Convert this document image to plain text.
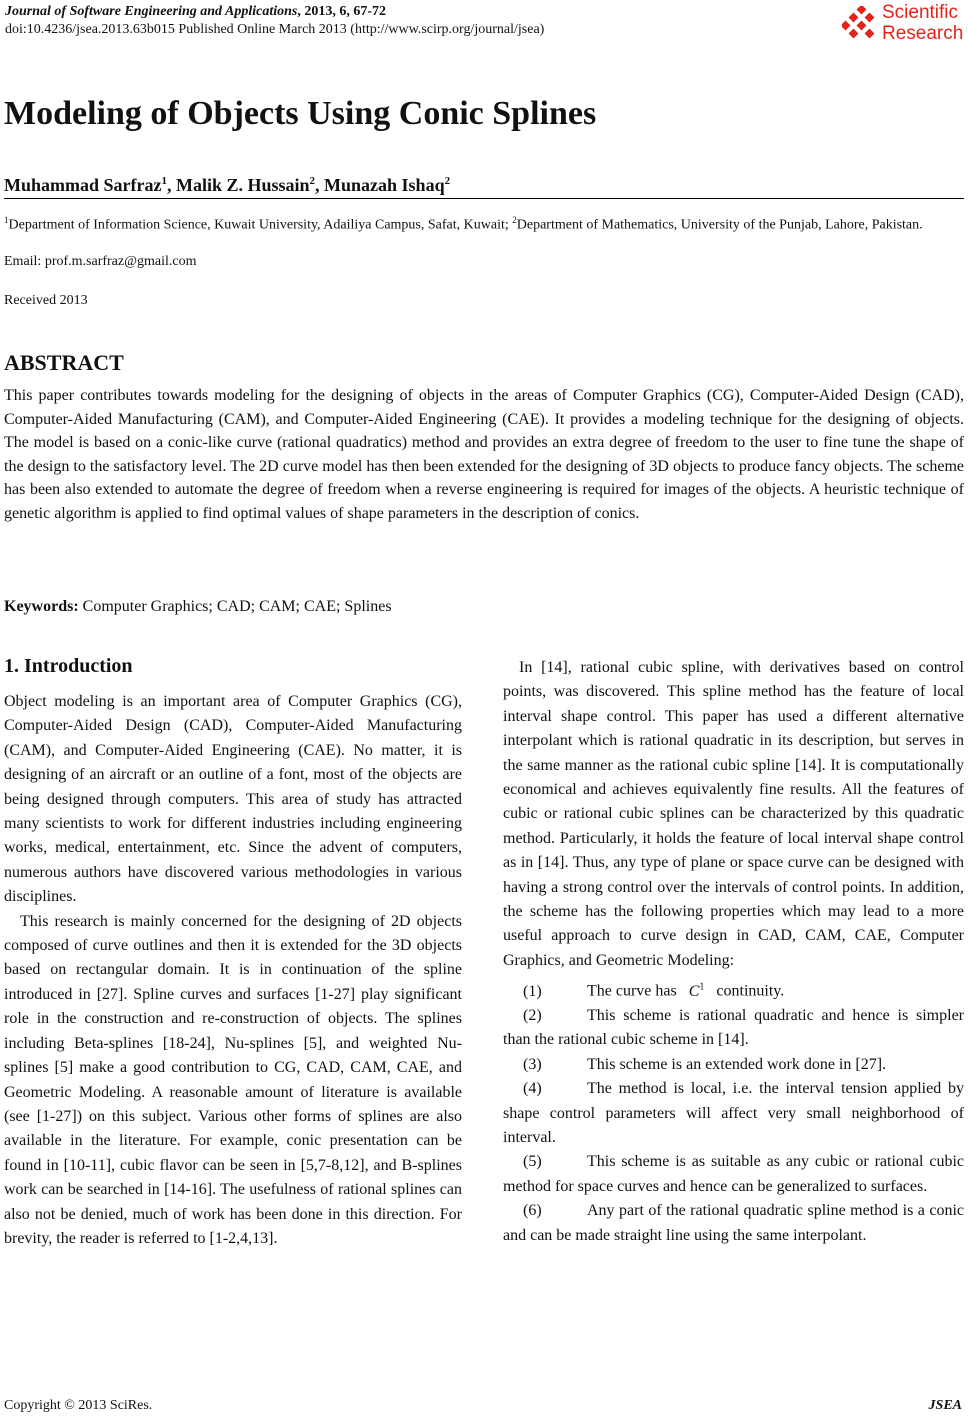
Journal of Software Engineering and Applications, 2013, 6, 67-72
doi:10.4236/jsea.2013.63b015 Published Online March 2013 (http://www.scirp.org/journal/jsea)
Scientific
Research
Modeling of Objects Using Conic Splines
Muhammad Sarfraz$^1$, Malik Z. Hussain$^2$, Munazah Ishaq$^2$
$^1$Department of Information Science, Kuwait University, Adailiya Campus, Safat, Kuwait; $^2$Department of Mathematics, University of the Punjab, Lahore, Pakistan.
Email: prof.m.sarfraz@gmail.com
Received 2013
ABSTRACT
This paper contributes towards modeling for the designing of objects in the areas of Computer Graphics (CG), Computer-Aided Design (CAD), Computer-Aided Manufacturing (CAM), and Computer-Aided Engineering (CAE). It provides a modeling technique for the designing of objects. The model is based on a conic-like curve (rational quadratics) method and provides an extra degree of freedom to the user to fine tune the shape of the design to the satisfactory level. The 2D curve model has then been extended for the designing of 3D objects to produce fancy objects. The scheme has been also extended to automate the degree of freedom when a reverse engineering is required for images of the objects. A heuristic technique of genetic algorithm is applied to find optimal values of shape parameters in the description of conics.
Keywords: Computer Graphics; CAD; CAM; CAE; Splines
1. Introduction

Object modeling is an important area of Computer Graphics (CG), Computer-Aided Design (CAD), Computer-Aided Manufacturing (CAM), and Computer-Aided Engineering (CAE). No matter, it is designing of an aircraft or an outline of a font, most of the objects are being designed through computers. This area of study has attracted many scientists to work for different industries including engineering works, medical, entertainment, etc. Since the advent of computers, numerous authors have discovered various methodologies in various disciplines.

This research is mainly concerned for the designing of 2D objects composed of curve outlines and then it is extended for the 3D objects based on rectangular domain. It is in continuation of the spline introduced in [27]. Spline curves and surfaces [1-27] play significant role in the construction and re-construction of objects. The splines including Beta-splines [18-24], Nu-splines [5], and weighted Nu-splines [5] make a good contribution to CG, CAD, CAM, CAE, and Geometric Modeling. A reasonable amount of literature is available (see [1-27]) on this subject. Various other forms of splines are also available in the literature. For example, conic presentation can be found in [10-11], cubic flavor can be seen in [5,7-8,12], and B-splines work can be searched in [14-16]. The usefulness of rational splines can also not be denied, much of work has been done in this direction. For brevity, the reader is referred to [1-2,4,13].

In [14], rational cubic spline, with derivatives based on control points, was discovered. This spline method has the feature of local interval shape control. This paper has used a different alternative interpolant which is rational quadratic in its description, but serves in the same manner as the rational cubic spline [14]. It is computationally economical and achieves equivalently fine results. All the features of cubic or rational cubic splines can be characterized by this quadratic method. Particularly, it holds the feature of local interval shape control as in [14]. Thus, any type of plane or space curve can be designed with having a strong control over the intervals of control points. In addition, the scheme has the following properties which may lead to a more useful approach to curve design in CAD, CAM, CAE, Computer Graphics, and Geometric Modeling:

(1)	The curve has $C^1$ continuity.

(2)	This scheme is rational quadratic and hence is simpler than the rational cubic scheme in [14].

(3)	This scheme is an extended work done in [27].

(4)	The method is local, i.e. the interval tension applied by shape control parameters will affect very small neighborhood of interval.

(5)	This scheme is as suitable as any cubic or rational cubic method for space curves and hence can be generalized to surfaces.

(6)	Any part of the rational quadratic spline method is a conic and can be made straight line using the same interpolant.

Copyright © 2013 SciRes.	JSEA
